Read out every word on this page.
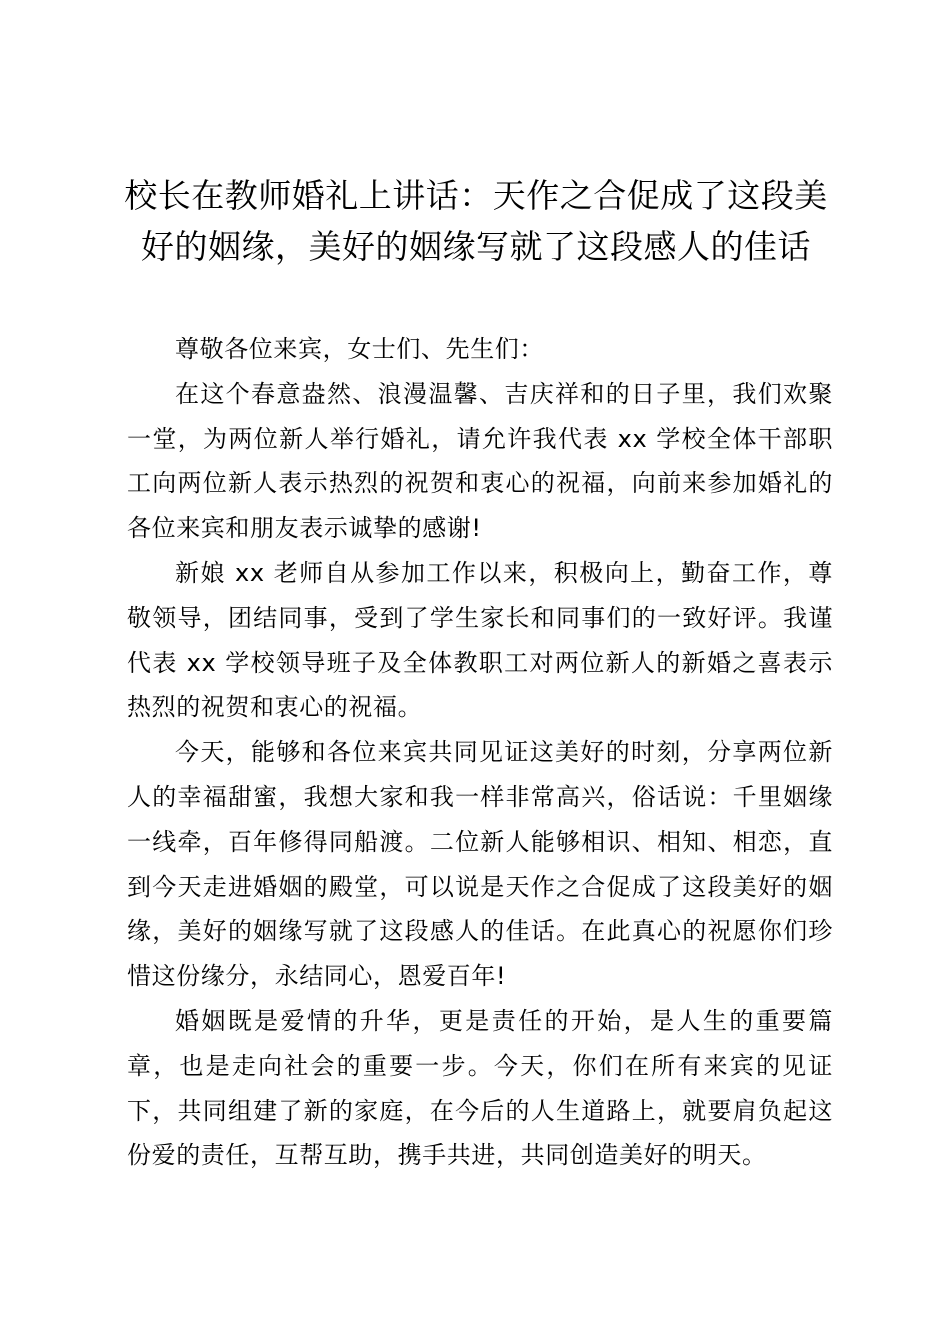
校长在教师婚礼上讲话：天作之合促成了这段美好的姻缘，美好的姻缘写就了这段感人的佳话

尊敬各位来宾，女士们、先生们：

在这个春意盎然、浪漫温馨、吉庆祥和的日子里，我们欢聚一堂，为两位新人举行婚礼，请允许我代表 xx 学校全体干部职工向两位新人表示热烈的祝贺和衷心的祝福，向前来参加婚礼的各位来宾和朋友表示诚挚的感谢!

新娘 xx 老师自从参加工作以来，积极向上，勤奋工作，尊敬领导，团结同事，受到了学生家长和同事们的一致好评。我谨代表 xx 学校领导班子及全体教职工对两位新人的新婚之喜表示热烈的祝贺和衷心的祝福。

今天，能够和各位来宾共同见证这美好的时刻，分享两位新人的幸福甜蜜，我想大家和我一样非常高兴，俗话说：千里姻缘一线牵，百年修得同船渡。二位新人能够相识、相知、相恋，直到今天走进婚姻的殿堂，可以说是天作之合促成了这段美好的姻缘，美好的姻缘写就了这段感人的佳话。在此真心的祝愿你们珍惜这份缘分，永结同心，恩爱百年!

婚姻既是爱情的升华，更是责任的开始，是人生的重要篇章，也是走向社会的重要一步。今天，你们在所有来宾的见证下，共同组建了新的家庭，在今后的人生道路上，就要肩负起这份爱的责任，互帮互助，携手共进，共同创造美好的明天。
